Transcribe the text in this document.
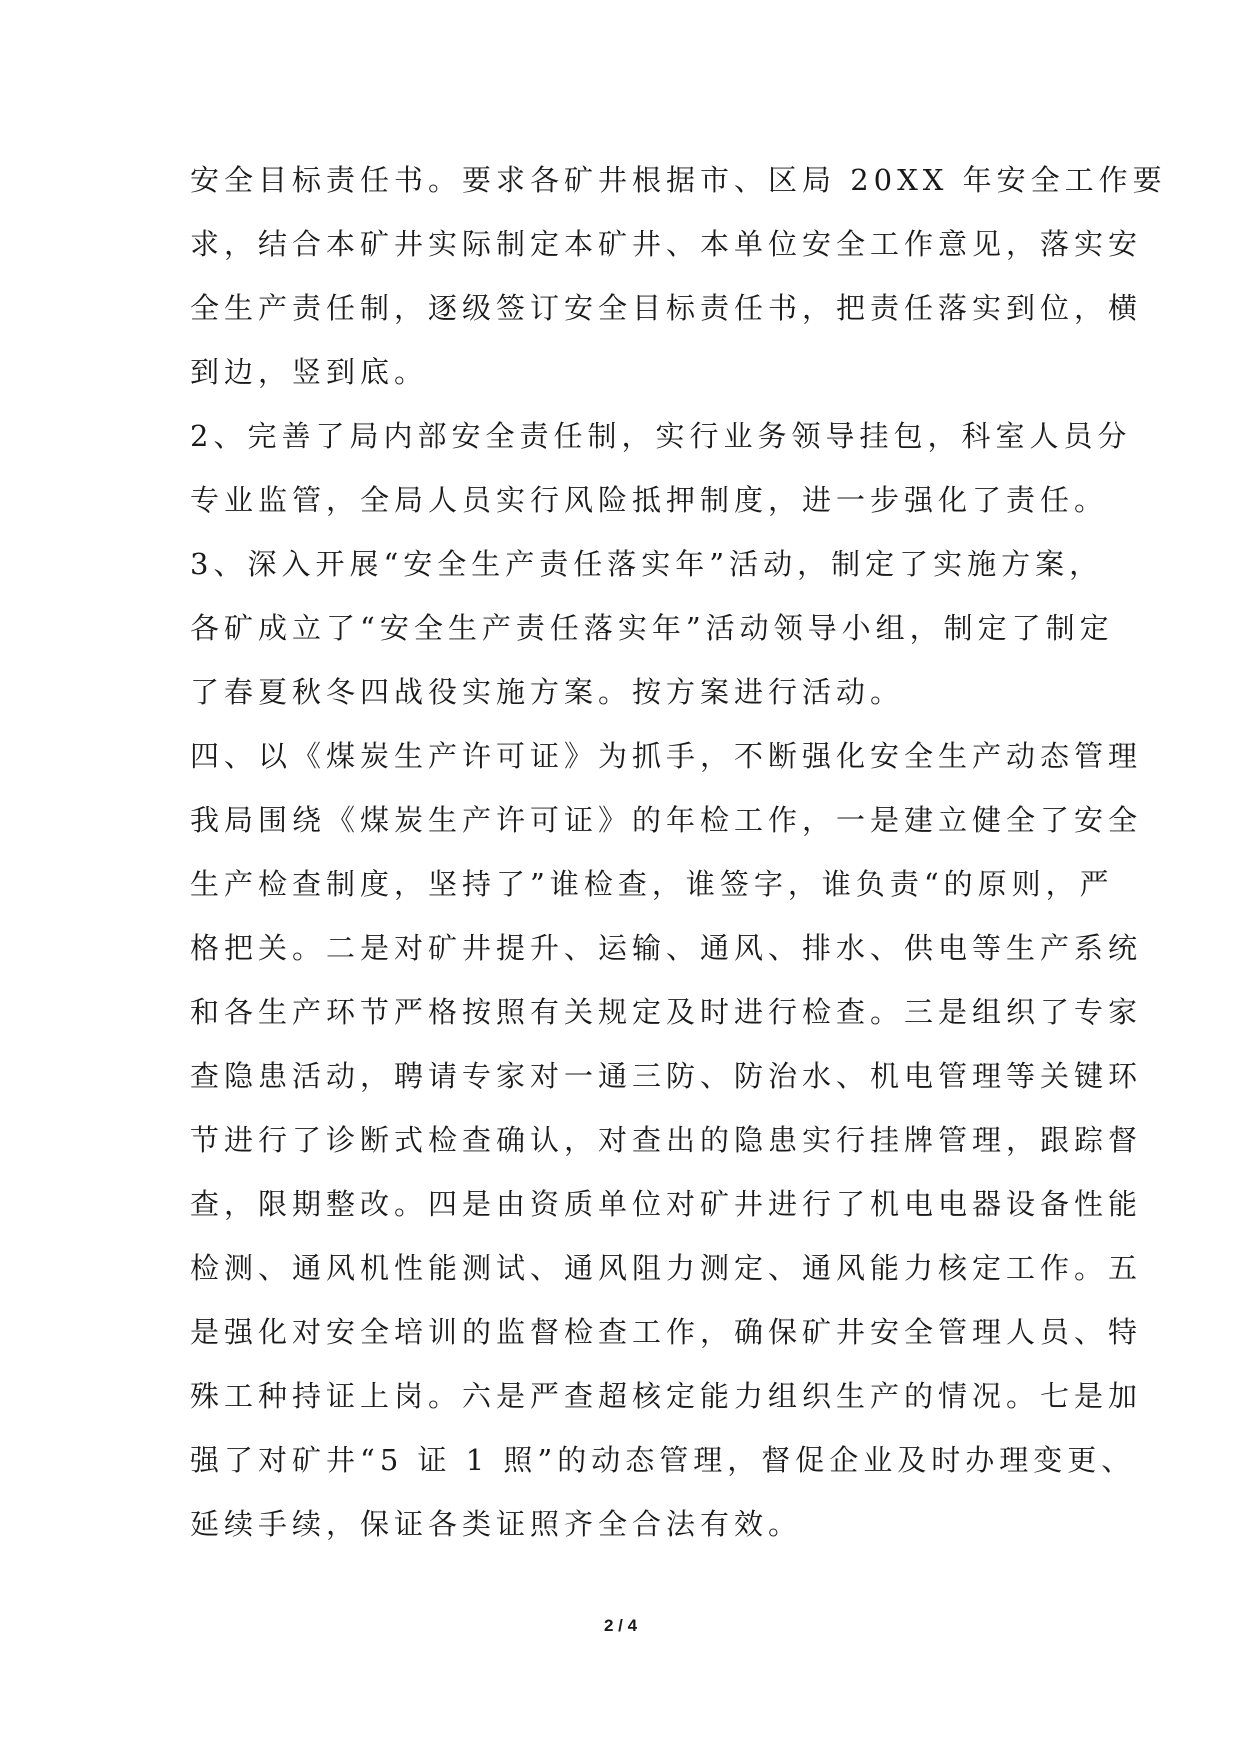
安全目标责任书。要求各矿井根据市、区局 20XX 年安全工作要
求，结合本矿井实际制定本矿井、本单位安全工作意见，落实安
全生产责任制，逐级签订安全目标责任书，把责任落实到位，横
到边，竖到底。
2、完善了局内部安全责任制，实行业务领导挂包，科室人员分
专业监管，全局人员实行风险抵押制度，进一步强化了责任。
3、深入开展“安全生产责任落实年”活动，制定了实施方案，
各矿成立了“安全生产责任落实年”活动领导小组，制定了制定
了春夏秋冬四战役实施方案。按方案进行活动。
四、以《煤炭生产许可证》为抓手，不断强化安全生产动态管理
我局围绕《煤炭生产许可证》的年检工作，一是建立健全了安全
生产检查制度，坚持了”谁检查，谁签字，谁负责“的原则，严
格把关。二是对矿井提升、运输、通风、排水、供电等生产系统
和各生产环节严格按照有关规定及时进行检查。三是组织了专家
查隐患活动，聘请专家对一通三防、防治水、机电管理等关键环
节进行了诊断式检查确认，对查出的隐患实行挂牌管理，跟踪督
查，限期整改。四是由资质单位对矿井进行了机电电器设备性能
检测、通风机性能测试、通风阻力测定、通风能力核定工作。五
是强化对安全培训的监督检查工作，确保矿井安全管理人员、特
殊工种持证上岗。六是严查超核定能力组织生产的情况。七是加
强了对矿井“5 证 1 照”的动态管理，督促企业及时办理变更、
延续手续，保证各类证照齐全合法有效。
2 / 4
